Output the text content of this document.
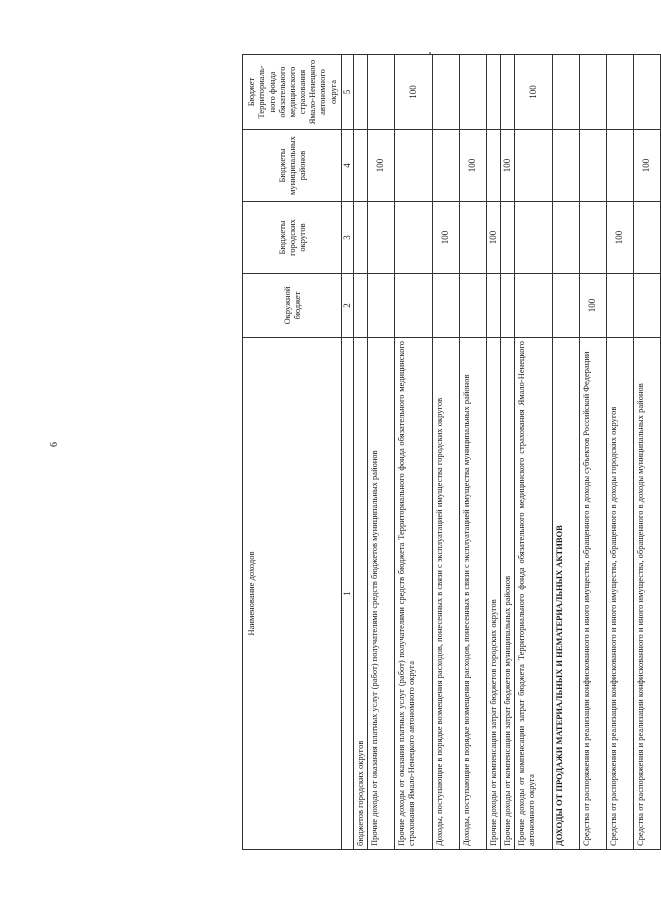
6
Наименование доходов	Окружной бюджет	Бюджеты городских округов	Бюджеты муниципальных районов	Бюджет Территориаль-ного фонда обязательного медицинского страхования Ямало-Ненецкого автономного округа
1	2	3	4	5
бюджетов городских округов				
Прочие доходы от оказания платных услуг (работ) получателями средств бюджетов муниципальных районов			100	
Прочие доходы от оказания платных услуг (работ) получателями средств бюджета Территориального фонда обязательного медицинского страхования Ямало-Ненецкого автономного округа				100
Доходы, поступающие в порядке возмещения расходов, понесенных в связи с эксплуатацией имущества городских округов		100		
Доходы, поступающие в порядке возмещения расходов, понесенных в связи с эксплуатацией имущества муниципальных районов			100	
Прочие доходы от компенсации затрат бюджетов городских округов		100		
Прочие доходы от компенсации затрат бюджетов муниципальных районов			100	
Прочие доходы от компенсации затрат бюджета Территориального фонда обязательного медицинского страхования Ямало-Ненецкого автономного округа				100
ДОХОДЫ ОТ ПРОДАЖИ МАТЕРИАЛЬНЫХ И НЕМАТЕРИАЛЬНЫХ АКТИВОВ				
Средства от распоряжения и реализации конфискованного и иного имущества, обращенного в доходы субъектов Российской Федерации	100			
Средства от распоряжения и реализации конфискованного и иного имущества, обращенного в доходы городских округов		100		
Средства от распоряжения и реализации конфискованного и иного имущества, обращенного в доходы муниципальных районов			100	
